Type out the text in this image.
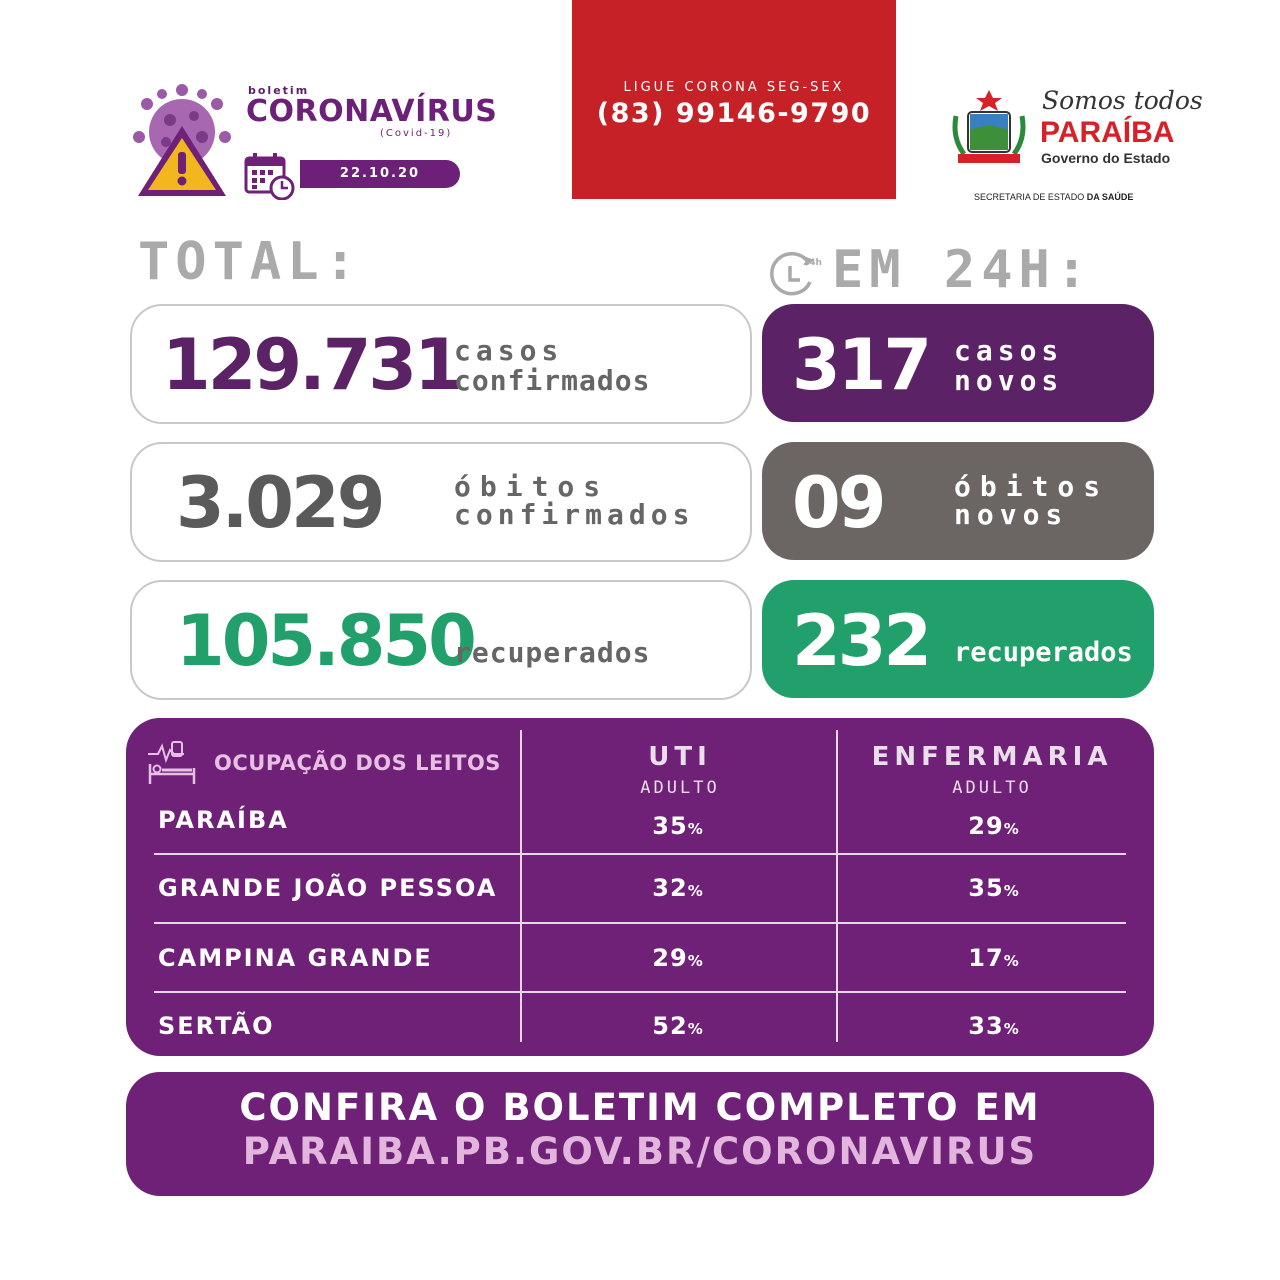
boletim
CORONAVÍRUS
(Covid-19)
22.10.20
LIGUE CORONA SEG-SEX
(83) 99146-9790	Somos todos
PARAÍBA
Governo do Estado
SECRETARIA DE ESTADO DA SAÚDE
TOTAL:	24h EM 24H:
129.731
casos
confirmados
3.029	óbitos
confirmados
105.850
recuperados
317 casos
novos
09	óbitos
novos
232 recuperados
OCUPAÇÃO DOS LEITOS	UTI
ADULTO
ENFERMARIA
ADULTO
PARAÍBA	35%	29%
GRANDE JOÃO PESSOA	32%	35%
CAMPINA GRANDE	29%	17%
SERTÃO	52%	33%
CONFIRA O BOLETIM COMPLETO EM
PARAIBA.PB.GOV.BR/CORONAVIRUS
